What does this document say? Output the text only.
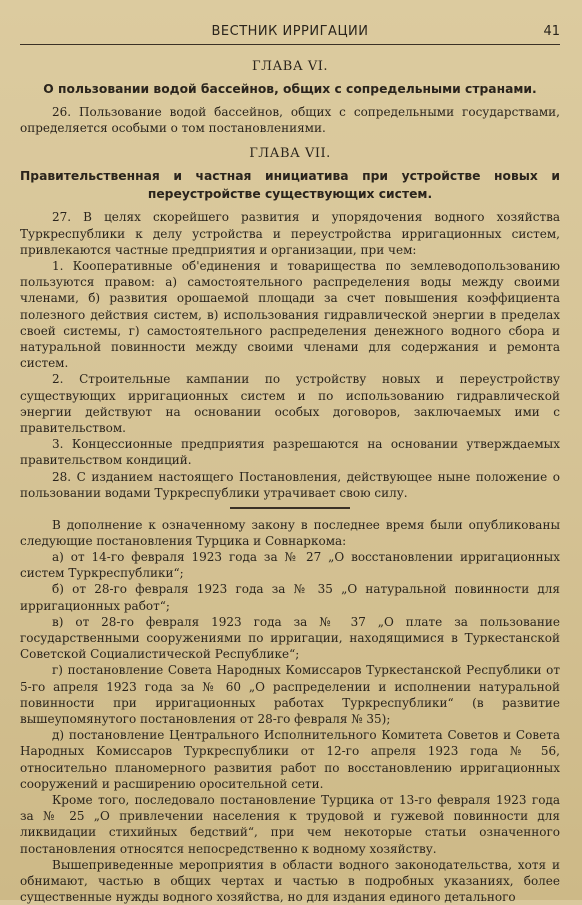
ВЕСТНИК ИРРИГАЦИИ	41
ГЛАВА VI.
О пользовании водой бассейнов, общих с сопредельными странами.

26. Пользование водой бассейнов, общих с сопредельными государствами, определяется особыми о том постановлениями.

ГЛАВА VII.
Правительственная и частная инициатива при устройстве новых и переустройстве существующих систем.

27. В целях скорейшего развития и упорядочения водного хозяйства Туркреспублики к делу устройства и переустройства ирригационных систем, привлекаются частные предприятия и организации, при чем:

1. Кооперативные об'единения и товарищества по землеводопользованию пользуются правом: а) самостоятельного распределения воды между своими членами, б) развития орошаемой площади за счет повышения коэффициента полезного действия систем, в) использования гидравлической энергии в пределах своей системы, г) самостоятельного распределения денежного водного сбора и натуральной повинности между своими членами для содержания и ремонта систем.

2. Строительные кампании по устройству новых и переустройству существующих ирригационных систем и по использованию гидравлической энергии действуют на основании особых договоров, заключаемых ими с правительством.

3. Концессионные предприятия разрешаются на основании утверждаемых правительством кондиций.

28. С изданием настоящего Постановления, действующее ныне положение о пользовании водами Туркреспублики утрачивает свою силу.

В дополнение к означенному закону в последнее время были опубликованы следующие постановления Турцика и Совнаркома:

а) от 14-го февраля 1923 года за № 27 „О восстановлении ирригационных систем Туркреспублики“;

б) от 28-го февраля 1923 года за № 35 „О натуральной повинности для ирригационных работ“;

в) от 28-го февраля 1923 года за № 37 „О плате за пользование государственными сооружениями по ирригации, находящимися в Туркестанской Советской Социалистической Республике“;

г) постановление Совета Народных Комиссаров Туркестанской Республики от 5-го апреля 1923 года за № 60 „О распределении и исполнении натуральной повинности при ирригационных работах Туркреспублики“ (в развитие вышеупомянутого постановления от 28-го февраля № 35);

д) постановление Центрального Исполнительного Комитета Советов и Совета Народных Комиссаров Туркреспублики от 12-го апреля 1923 года № 56, относительно планомерного развития работ по восстановлению ирригационных сооружений и расширению оросительной сети.

Кроме того, последовало постановление Турцика от 13-го февраля 1923 года за № 25 „О привлечении населения к трудовой и гужевой повинности для ликвидации стихийных бедствий“, при чем некоторые статьи означенного постановления относятся непосредственно к водному хозяйству.

Вышеприведенные мероприятия в области водного законодательства, хотя и обнимают, частью в общих чертах и частью в подробных указаниях, более существенные нужды водного хозяйства, но для издания единого детального
